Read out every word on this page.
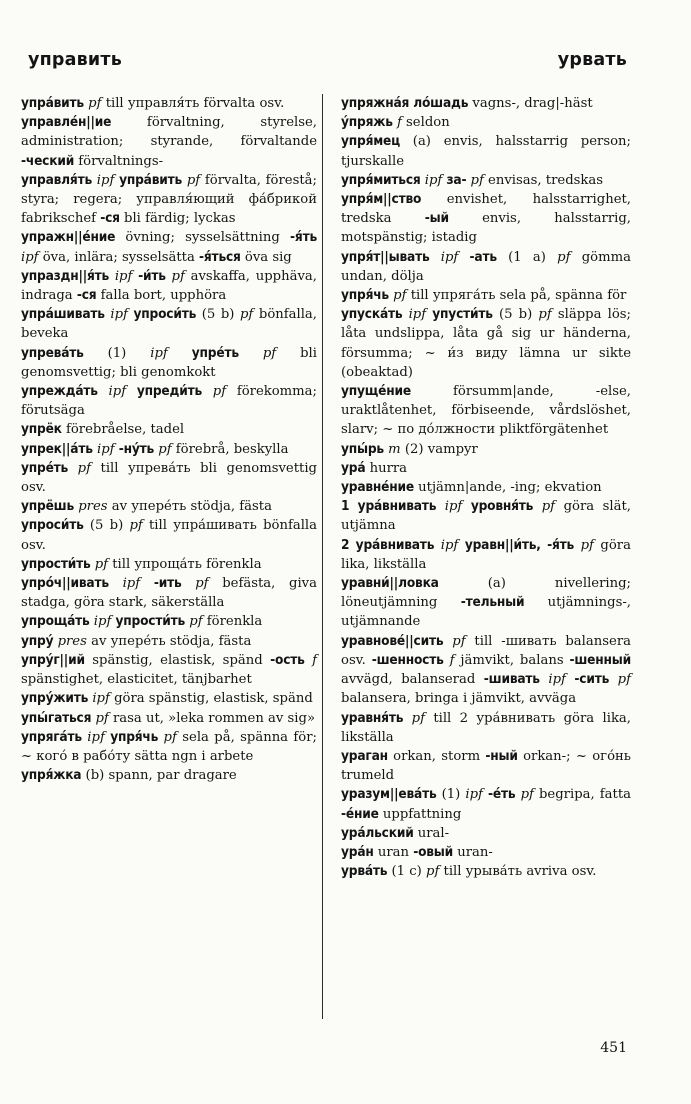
управить	урвать
упра́вить pf till управля́ть förvalta osv.
управле́н||ие förvaltning, styrelse, administration; styrande, förvaltande -ческий förvaltnings-
управля́ть ipf упра́вить pf förvalta, förestå; styra; regera; управля́ющий фа́брикой fabrikschef -ся bli färdig; lyckas
упражн||е́ние övning; sysselsättning -я́ть ipf öva, inlära; sysselsätta -я́ться öva sig
упраздн||я́ть ipf -и́ть pf avskaffa, upphäva, indraga -ся falla bort, upphöra
упра́шивать ipf упроси́ть (5 b) pf bönfalla, beveka
упрева́ть (1) ipf упре́ть pf bli genomsvettig; bli genomkokt
упрежда́ть ipf упреди́ть pf förekomma; förutsäga
упрёк förebråelse, tadel
упрек||а́ть ipf -ну́ть pf förebrå, beskylla
упре́ть pf till упрева́ть bli genomsvettig osv.
упрёшь pres av упере́ть stödja, fästa
упроси́ть (5 b) pf till упра́шивать bönfalla osv.
упрости́ть pf till упроща́ть förenkla
упро́ч||ивать ipf -ить pf befästa, giva stadga, göra stark, säkerställa
упроща́ть ipf упрости́ть pf förenkla
упру́ pres av упере́ть stödja, fästa
упру́г||ий spänstig, elastisk, spänd -ость f spänstighet, elasticitet, tänjbarhet
упру́жить ipf göra spänstig, elastisk, spänd
упы́гаться pf rasa ut, »leka rommen av sig»
упряга́ть ipf упря́чь pf sela på, spänna för; ~ кого́ в рабо́ту sätta ngn i arbete
упря́жка (b) spann, par dragare
упряжна́я ло́шадь vagns-, drag|-häst
у́пряжь f seldon
упря́мец (a) envis, halsstarrig person; tjurskalle
упря́миться ipf за- pf envisas, tredskas
упря́м||ство envishet, halsstarrighet, tredska -ый envis, halsstarrig, motspänstig; istadig
упря́т||ывать ipf -ать (1 a) pf gömma undan, dölja
упря́чь pf till упряга́ть sela på, spänna för
упуска́ть ipf упусти́ть (5 b) pf släppa lös; låta undslippa, låta gå sig ur händerna, försumma; ~ и́з виду lämna ur sikte (obeaktad)
упуще́ние försumm|ande, -else, uraktlåtenhet, förbiseende, vårdslöshet, slarv; ~ по до́лжности pliktförgätenhet
упы́рь m (2) vampyr
ура́ hurra
уравне́ние utjämn|ande, -ing; ekvation
1 ура́внивать ipf уровня́ть pf göra slät, utjämna
2 ура́внивать ipf уравн||и́ть, -я́ть pf göra lika, likställa
уравни́||ловка (a) nivellering; löneutjämning -тельный utjämnings-, utjämnande
уравнове́||сить pf till -шивать balansera osv. -шенность f jämvikt, balans -шенный avvägd, balanserad -шивать ipf -сить pf balansera, bringa i jämvikt, avväga
уравня́ть pf till 2 ура́внивать göra lika, likställa
ураган orkan, storm -ный orkan-; ~ ого́нь trumeld
уразум||ева́ть (1) ipf -е́ть pf begripa, fatta -е́ние uppfattning
ура́льский ural-
ура́н uran -овый uran-
урва́ть (1 c) pf till урыва́ть avriva osv.
451
